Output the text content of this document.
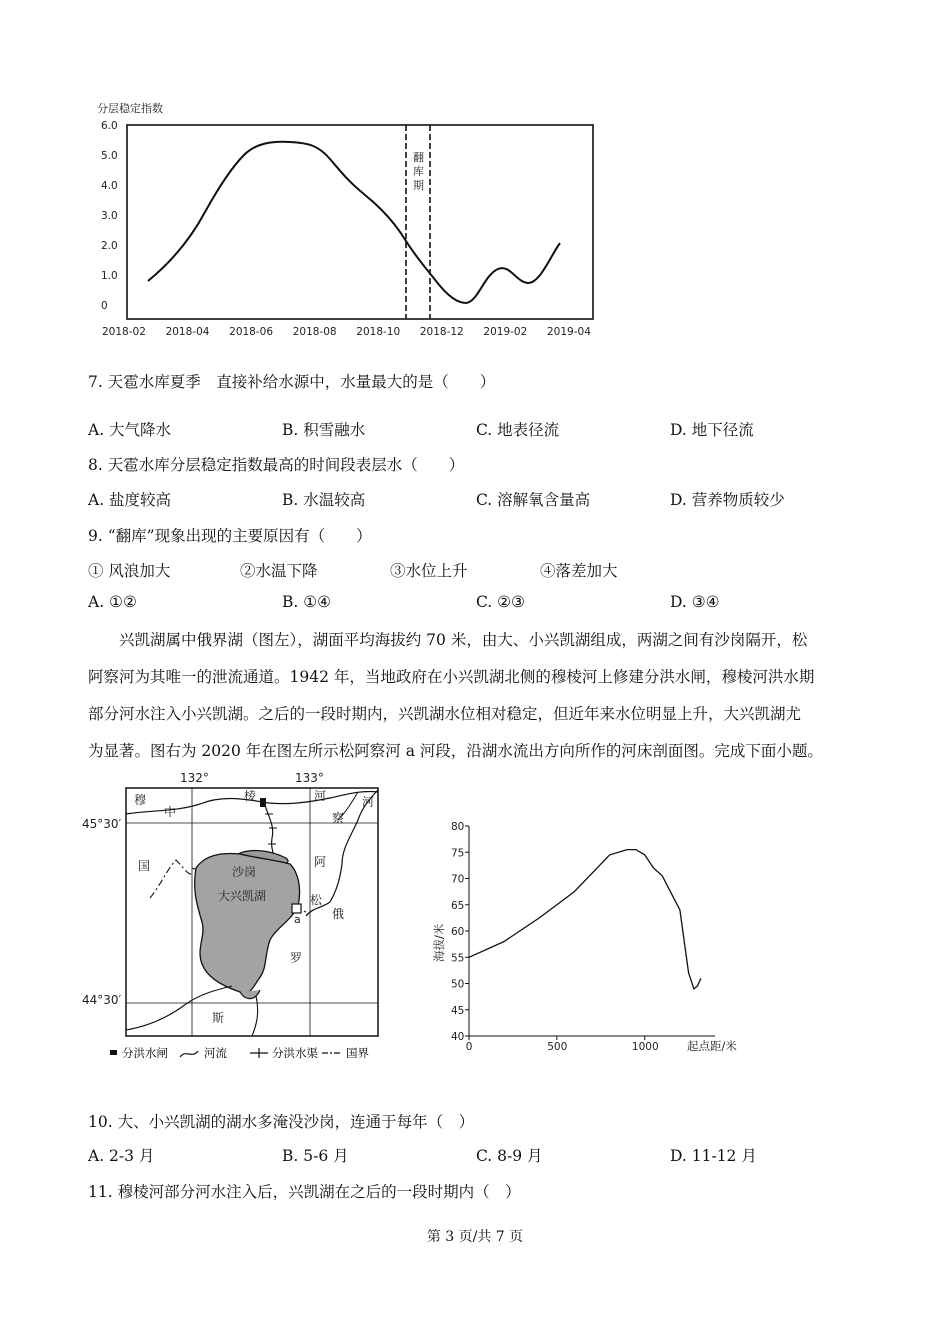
分层稳定指数
6.0
5.0
4.0
3.0
2.0
1.0
0
2018-02 2018-04 2018-06 2018-08 2018-10 2018-12 2019-02 2019-04
翻
库
期
7. 天雹水库夏季　直接补给水源中，水量最大的是（　　）
A. 大气降水	B. 积雪融水	C. 地表径流	D. 地下径流
8. 天雹水库分层稳定指数最高的时间段表层水（　　）
A. 盐度较高	B. 水温较高	C. 溶解氧含量高	D. 营养物质较少
9. “翻库”现象出现的主要原因有（　　）
① 风浪加大	②水温下降	③水位上升	④落差加大
A. ①②	B. ①④	C. ②③	D. ③④
兴凯湖属中俄界湖（图左），湖面平均海拔约 70 米，由大、小兴凯湖组成，两湖之间有沙岗隔开，松
阿察河为其唯一的泄流通道。1942 年，当地政府在小兴凯湖北侧的穆棱河上修建分洪水闸，穆棱河洪水期
部分河水注入小兴凯湖。之后的一段时期内，兴凯湖水位相对稳定，但近年来水位明显上升，大兴凯湖尤
为显著。图右为 2020 年在图左所示松阿察河 a 河段，沿湖水流出方向所作的河床剖面图。完成下面小题。
132°	133°
45°30′
44°30′
a
穆
中
国
棱	河	河
察
阿
松
俄
罗
斯
沙岗
大兴凯湖
分洪水闸	河流	分洪水渠 国界
80
75
70
65
60
55
50
45
40
0	500	1000
海拔/米
起点距/米
10. 大、小兴凯湖的湖水多淹没沙岗，连通于每年（　）
A. 2-3 月	B. 5-6 月	C. 8-9 月	D. 11-12 月
11. 穆棱河部分河水注入后，兴凯湖在之后的一段时期内（　）
第 3 页/共 7 页
